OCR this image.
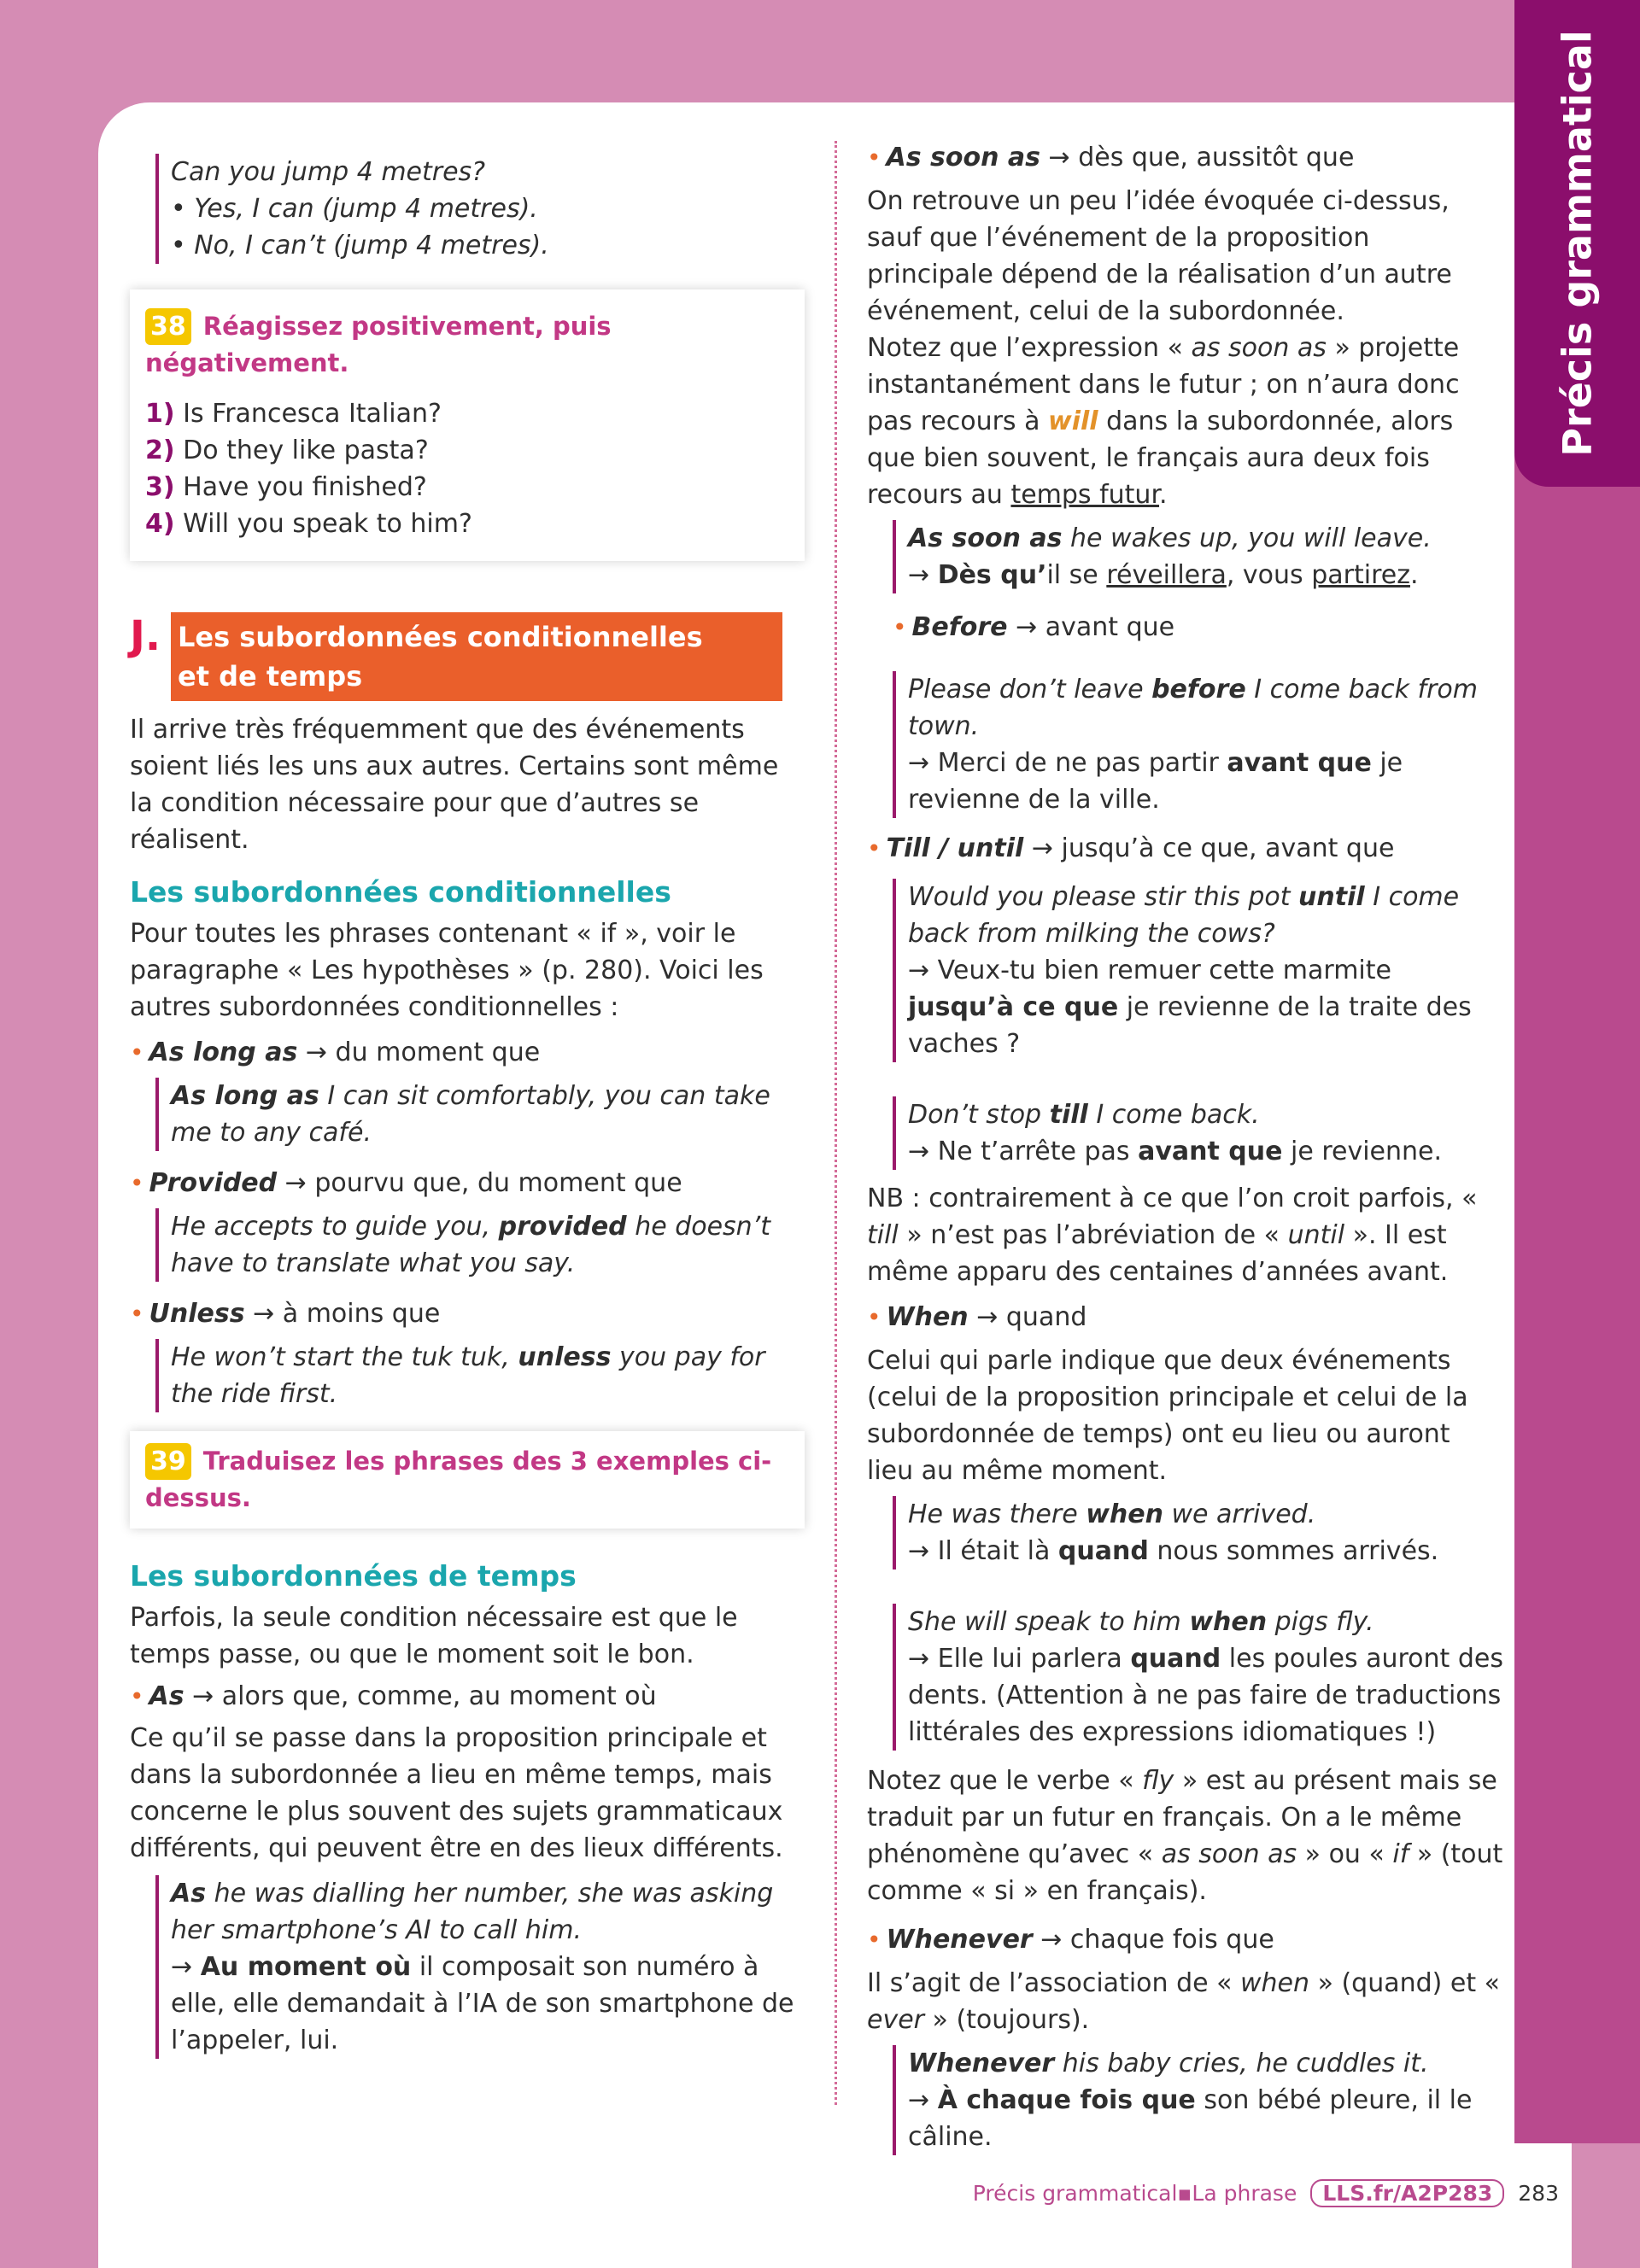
Précis grammatical
Can you jump 4 metres?
• Yes, I can (jump 4 metres).
• No, I can’t (jump 4 metres).
38 Réagissez positivement, puis négativement.
1) Is Francesca Italian?
2) Do they like pasta?
3) Have you finished?
4) Will you speak to him?
J. Les subordonnées conditionnelles
et de temps

Il arrive très fréquemment que des événements soient liés les uns aux autres. Certains sont même la condition nécessaire pour que d’autres se réalisent.

Les subordonnées conditionnelles

Pour toutes les phrases contenant « if », voir le paragraphe « Les hypothèses » (p. 280). Voici les autres subordonnées conditionnelles :

• As long as → du moment que
As long as I can sit comfortably, you can take me to any café.
• Provided → pourvu que, du moment que
He accepts to guide you, provided he doesn’t have to translate what you say.
• Unless → à moins que
He won’t start the tuk tuk, unless you pay for the ride first.
39 Traduisez les phrases des 3 exemples ci-dessus.
Les subordonnées de temps

Parfois, la seule condition nécessaire est que le temps passe, ou que le moment soit le bon.

• As → alors que, comme, au moment où

Ce qu’il se passe dans la proposition principale et dans la subordonnée a lieu en même temps, mais concerne le plus souvent des sujets grammaticaux différents, qui peuvent être en des lieux différents.

As he was dialling her number, she was asking her smartphone’s AI to call him.
→ Au moment où il composait son numéro à elle, elle demandait à l’IA de son smartphone de l’appeler, lui.
• As soon as → dès que, aussitôt que

On retrouve un peu l’idée évoquée ci-dessus, sauf que l’événement de la proposition principale dépend de la réalisation d’un autre événement, celui de la subordonnée.

Notez que l’expression « as soon as » projette instantanément dans le futur ; on n’aura donc pas recours à will dans la subordonnée, alors que bien souvent, le français aura deux fois recours au temps futur.

As soon as he wakes up, you will leave.
→ Dès qu’il se réveillera, vous partirez.
• Before → avant que
Please don’t leave before I come back from town.
→ Merci de ne pas partir avant que je revienne de la ville.
• Till / until → jusqu’à ce que, avant que
Would you please stir this pot until I come back from milking the cows?
→ Veux-tu bien remuer cette marmite jusqu’à ce que je revienne de la traite des vaches ?
Don’t stop till I come back.
→ Ne t’arrête pas avant que je revienne.

NB : contrairement à ce que l’on croit parfois, « till » n’est pas l’abréviation de « until ». Il est même apparu des centaines d’années avant.

• When → quand

Celui qui parle indique que deux événements (celui de la proposition principale et celui de la subordonnée de temps) ont eu lieu ou auront lieu au même moment.

He was there when we arrived.
→ Il était là quand nous sommes arrivés.
She will speak to him when pigs fly.
→ Elle lui parlera quand les poules auront des dents. (Attention à ne pas faire de traductions littérales des expressions idiomatiques !)

Notez que le verbe « fly » est au présent mais se traduit par un futur en français. On a le même phénomène qu’avec « as soon as » ou « if » (tout comme « si » en français).

• Whenever → chaque fois que

Il s’agit de l’association de « when » (quand) et « ever » (toujours).

Whenever his baby cries, he cuddles it.
→ À chaque fois que son bébé pleure, il le câline.
Précis grammatical ▪ La phrase	LLS.fr/A2P283	283
